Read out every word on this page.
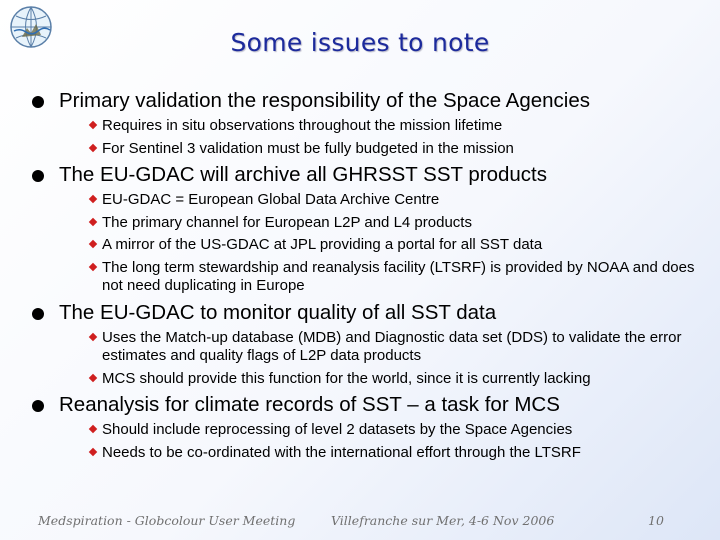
Some issues to note
Primary validation the responsibility of the Space Agencies
Requires in situ observations throughout the mission lifetime
For Sentinel 3 validation must be fully budgeted in the mission
The EU-GDAC will archive all GHRSST SST products
EU-GDAC = European Global Data Archive Centre
The primary channel for European L2P and L4 products
A mirror of the US-GDAC at JPL providing a portal for all SST data
The long term stewardship and reanalysis facility (LTSRF) is provided by NOAA and does not need duplicating in Europe
The EU-GDAC to monitor quality of all SST data
Uses the Match-up database (MDB) and Diagnostic data set (DDS) to validate the error estimates and quality flags of L2P data products
MCS should provide this function for the world, since it is currently lacking
Reanalysis for climate records of SST – a task for MCS
Should include reprocessing of level 2 datasets by the Space Agencies
Needs to be co-ordinated with the international effort through the LTSRF
Medspiration - Globcolour User Meeting	Villefranche sur Mer, 4-6 Nov 2006	10
